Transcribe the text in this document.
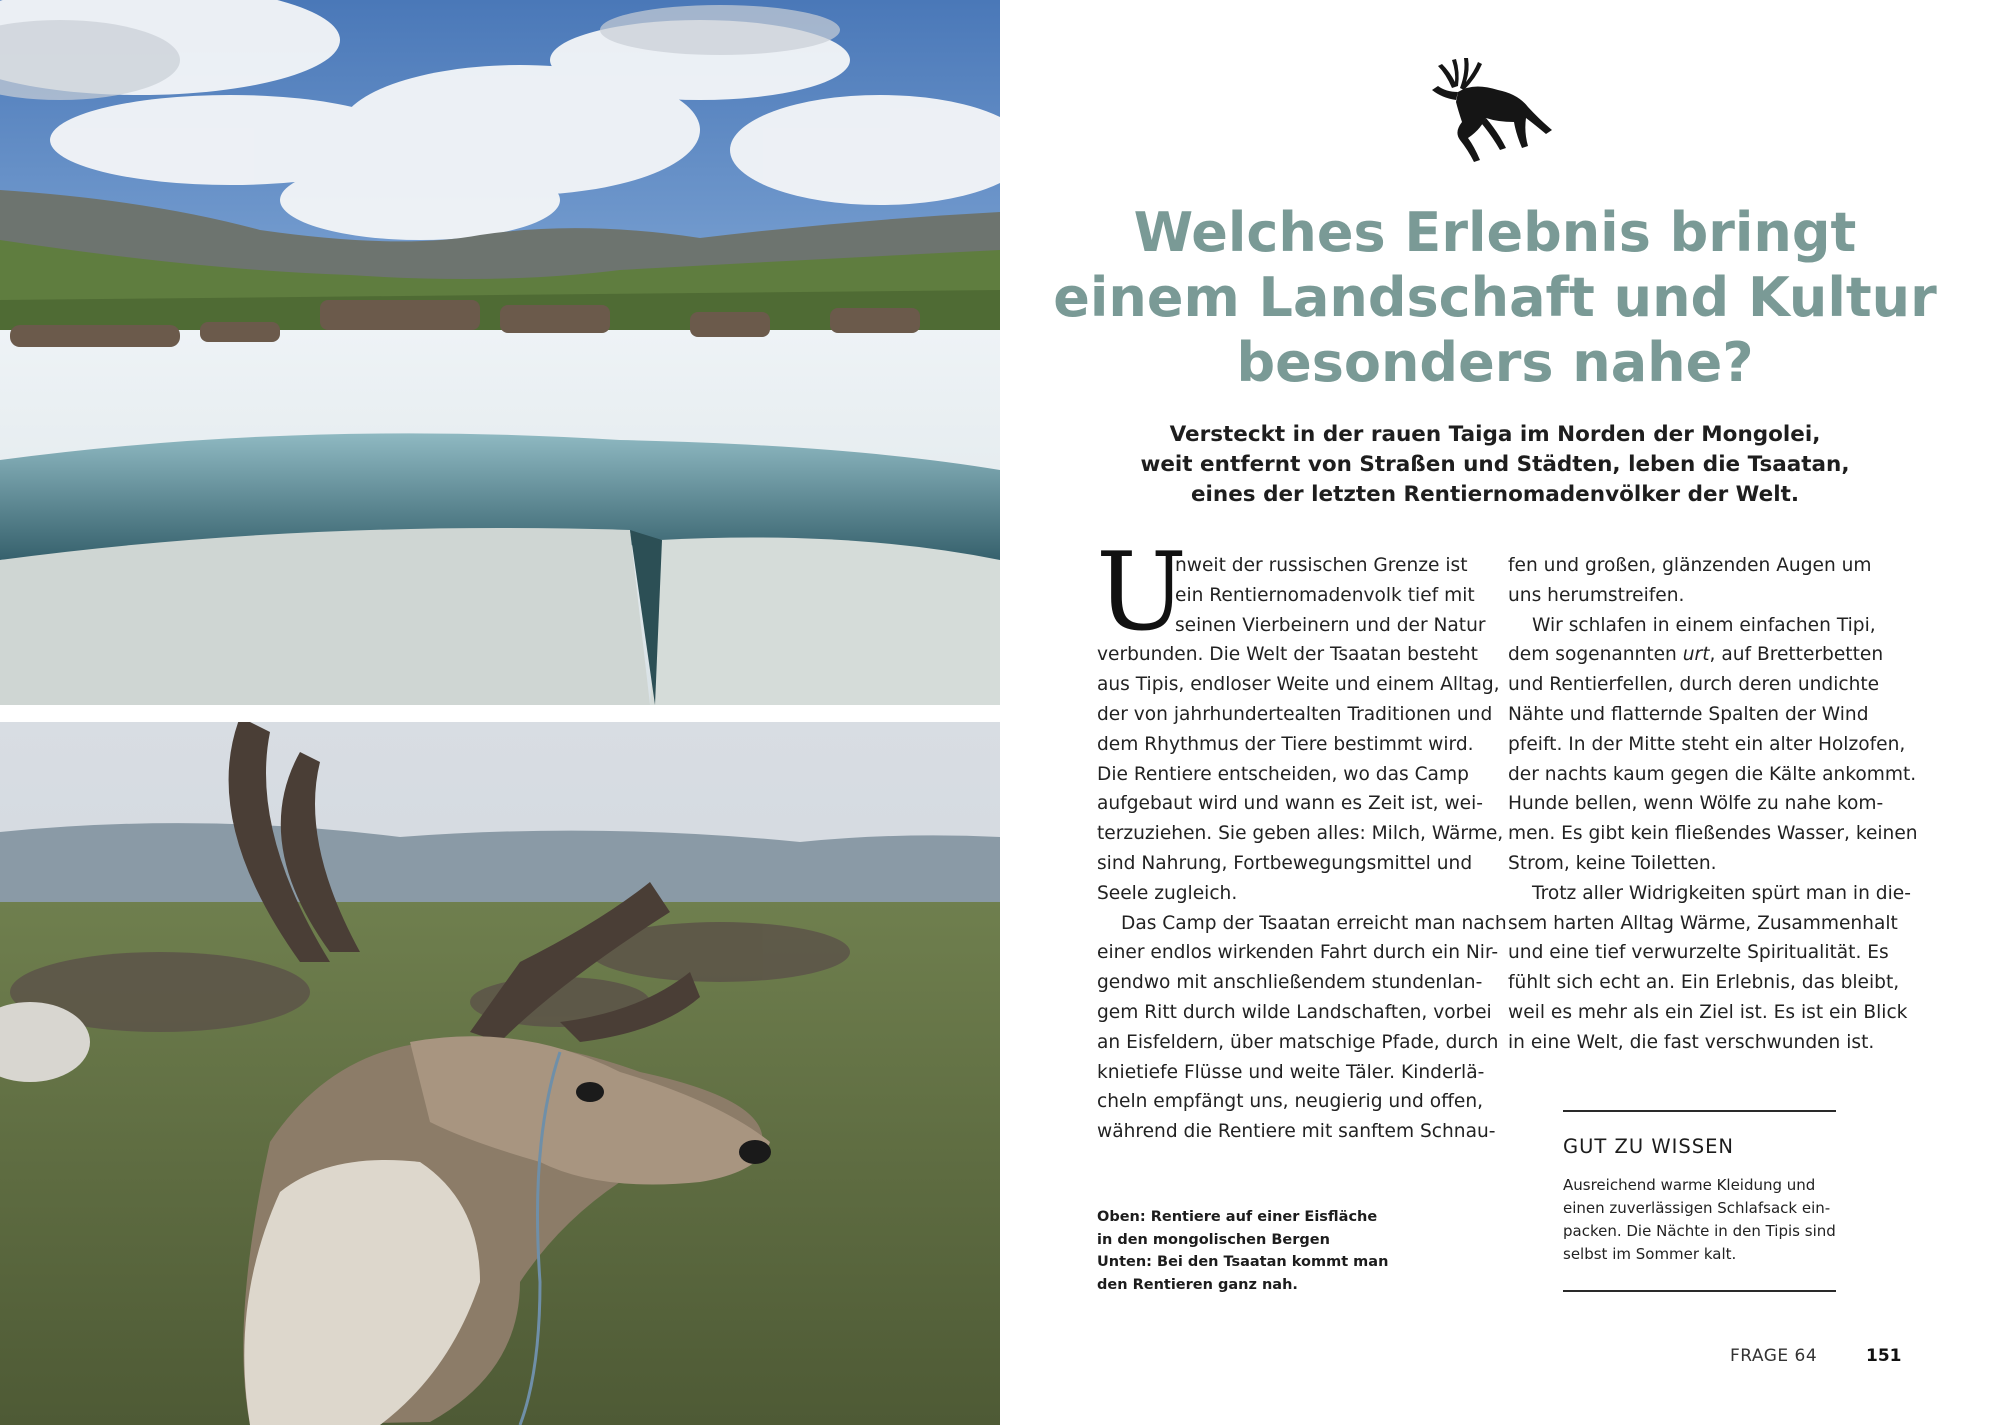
Welches Erlebnis bringt
einem Landschaft und Kultur
besonders nahe?
Versteckt in der rauen Taiga im Norden der Mongolei,
weit entfernt von Straßen und Städten, leben die Tsaatan,
eines der letzten Rentiernomadenvölker der Welt.
U
nweit der russischen Grenze ist
ein Rentiernomadenvolk tief mit
seinen Vierbeinern und der Natur
verbunden. Die Welt der Tsaatan besteht
aus Tipis, endloser Weite und einem Alltag,
der von jahrhundertealten Traditionen und
dem Rhythmus der Tiere bestimmt wird.
Die Rentiere entscheiden, wo das Camp
aufgebaut wird und wann es Zeit ist, wei-
terzuziehen. Sie geben alles: Milch, Wärme,
sind Nahrung, Fortbewegungsmittel und
Seele zugleich.
Das Camp der Tsaatan erreicht man nach
einer endlos wirkenden Fahrt durch ein Nir-
gendwo mit anschließendem stundenlan-
gem Ritt durch wilde Landschaften, vorbei
an Eisfeldern, über matschige Pfade, durch
knietiefe Flüsse und weite Täler. Kinderlä-
cheln empfängt uns, neugierig und offen,
während die Rentiere mit sanftem Schnau-
fen und großen, glänzenden Augen um
uns herumstreifen.
Wir schlafen in einem einfachen Tipi,
dem sogenannten urt, auf Bretterbetten
und Rentierfellen, durch deren undichte
Nähte und flatternde Spalten der Wind
pfeift. In der Mitte steht ein alter Holzofen,
der nachts kaum gegen die Kälte ankommt.
Hunde bellen, wenn Wölfe zu nahe kom-
men. Es gibt kein fließendes Wasser, keinen
Strom, keine Toiletten.
Trotz aller Widrigkeiten spürt man in die-
sem harten Alltag Wärme, Zusammenhalt
und eine tief verwurzelte Spiritualität. Es
fühlt sich echt an. Ein Erlebnis, das bleibt,
weil es mehr als ein Ziel ist. Es ist ein Blick
in eine Welt, die fast verschwunden ist.
Oben: Rentiere auf einer Eisfläche
in den mongolischen Bergen
Unten: Bei den Tsaatan kommt man
den Rentieren ganz nah.
GUT ZU WISSEN
Ausreichend warme Kleidung und
einen zuverlässigen Schlafsack ein-
packen. Die Nächte in den Tipis sind
selbst im Sommer kalt.
FRAGE 64	151
